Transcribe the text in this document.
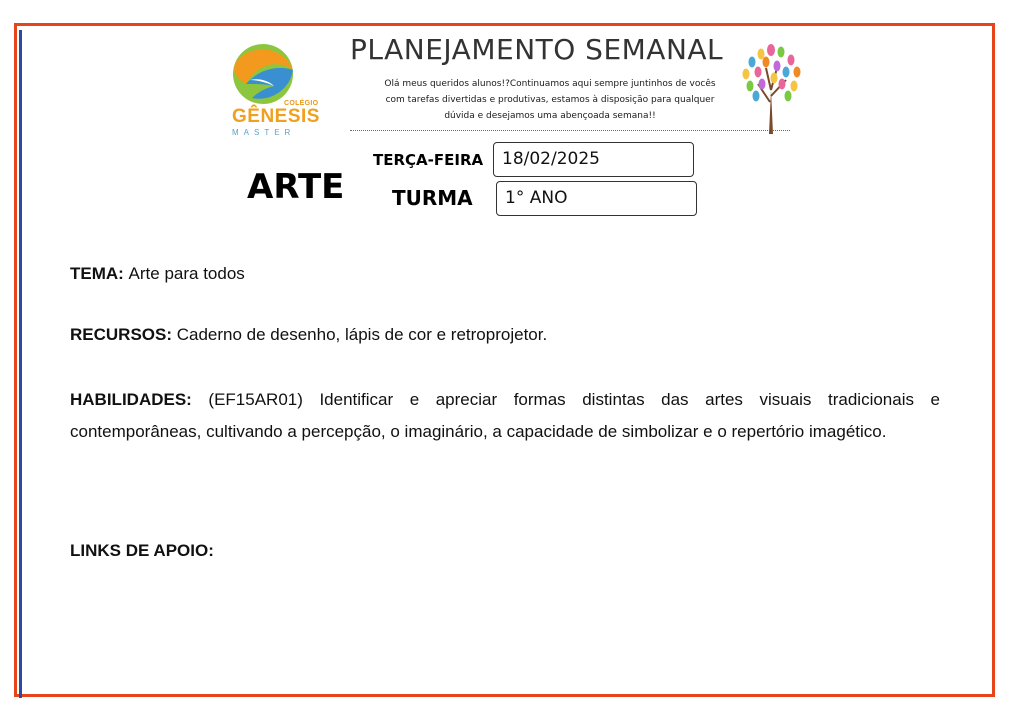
COLÉGIO
GÊNESIS
MASTER
PLANEJAMENTO SEMANAL
Olá meus queridos alunos!?Continuamos aqui sempre juntinhos de vocês
com tarefas divertidas e produtivas, estamos à disposição para qualquer
dúvida e desejamos uma abençoada semana!!
ARTE
TERÇA-FEIRA	18/02/2025
TURMA	1° ANO
TEMA: Arte para todos
RECURSOS: Caderno de desenho, lápis de cor e retroprojetor.
HABILIDADES: (EF15AR01) Identificar e apreciar formas distintas das artes visuais tradicionais e contemporâneas, cultivando a percepção, o imaginário, a capacidade de simbolizar e o repertório imagético.
LINKS DE APOIO:
